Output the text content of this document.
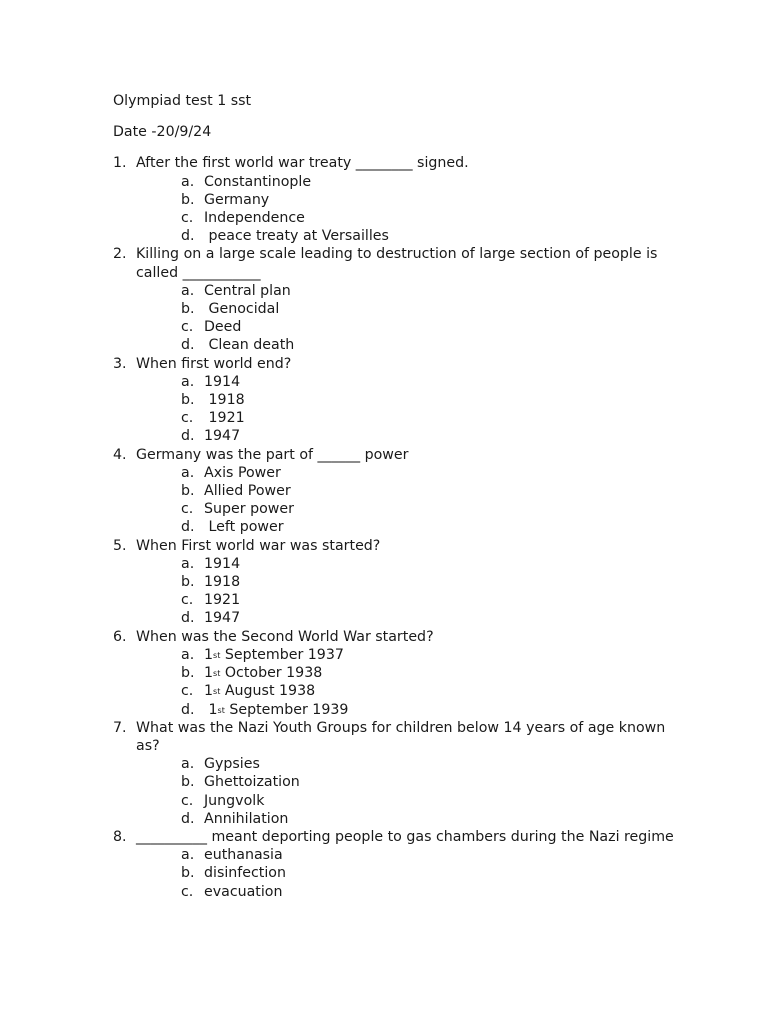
Olympiad test 1 sst
Date -20/9/24
1. After the first world war treaty ________ signed.
a. Constantinople
b. Germany
c. Independence
d. peace treaty at Versailles
2. Killing on a large scale leading to destruction of large section of people is called ___________
a. Central plan
b. Genocidal
c. Deed
d. Clean death
3. When first world end?
a. 1914
b. 1918
c. 1921
d. 1947
4. Germany was the part of ______ power
a. Axis Power
b. Allied Power
c. Super power
d. Left power
5. When First world war was started?
a. 1914
b. 1918
c. 1921
d. 1947
6. When was the Second World War started?
a. 1st September 1937
b. 1st October 1938
c. 1st August 1938
d. 1st September 1939
7. What was the Nazi Youth Groups for children below 14 years of age known as?
a. Gypsies
b. Ghettoization
c. Jungvolk
d. Annihilation
8. __________ meant deporting people to gas chambers during the Nazi regime
a. euthanasia
b. disinfection
c. evacuation
